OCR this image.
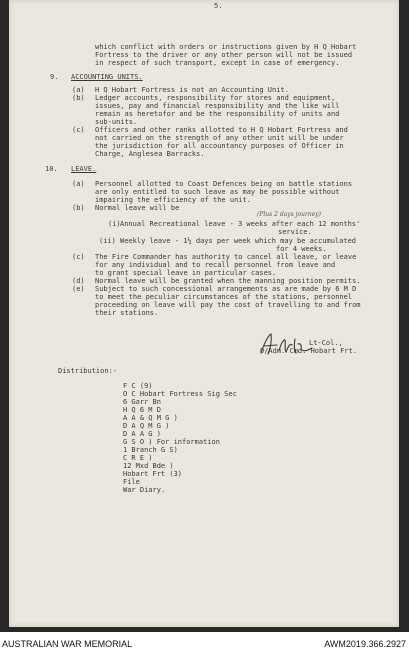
5.
which conflict with orders or instructions given by H Q Hobart
Fortress to the driver or any other person will not be issued
in respect of such transport, except in case of emergency.
9. ACCOUNTING UNITS.
(a) H Q Hobart Fortress is not an Accounting Unit.
(b) Ledger accounts, responsibility for stores and equipment,
issues, pay and financial responsibility and the like will
remain as heretofor and be the responsibility of units and
sub-units.
(c) Officers and other ranks allotted to H Q Hobart Fortress and
not carried on the strength of any other unit will be under
the jurisdiction for all accountancy purposes of Officer in
Charge, Anglesea Barracks.
10. LEAVE.
(a) Personnel allotted to Coast Defences being on battle stations
are only entitled to such leave as may be possible without
impairing the efficiency of the unit.
(b) Normal leave will be
(Plus 2 days journey)
(i) Annual Recreational leave - 3 weeks after each 12 months'
service.
(ii) Weekly leave - 1½ days per week which may be accumulated
for 4 weeks.
(c) The Fire Commander has authority to cancel all leave, or leave
for any individual and to recall personnel from leave and
to grant special leave in particular cases.
(d) Normal leave will be granted when the manning position permits.
(e) Subject to such concessional arrangements as are made by 6 M D
to meet the peculiar circumstances of the stations, personnel
proceeding on leave will pay the cost of travelling to and from
their stations.
Lt-Col.,
O/Adm. Cmd. Hobart Frt.
Distribution:-
F C (9)
O C Hobart Fortress Sig Sec
6 Garr Bn
H Q 6 M D
A A & Q M G )
D A Q M G )
D A A G )
G S O ) For information
1 Branch G S)
C R E )
12 Mxd Bde )
Hobart Frt (3)
File
War Diary.
AUSTRALIAN WAR MEMORIAL	AWM2019.366.2927
